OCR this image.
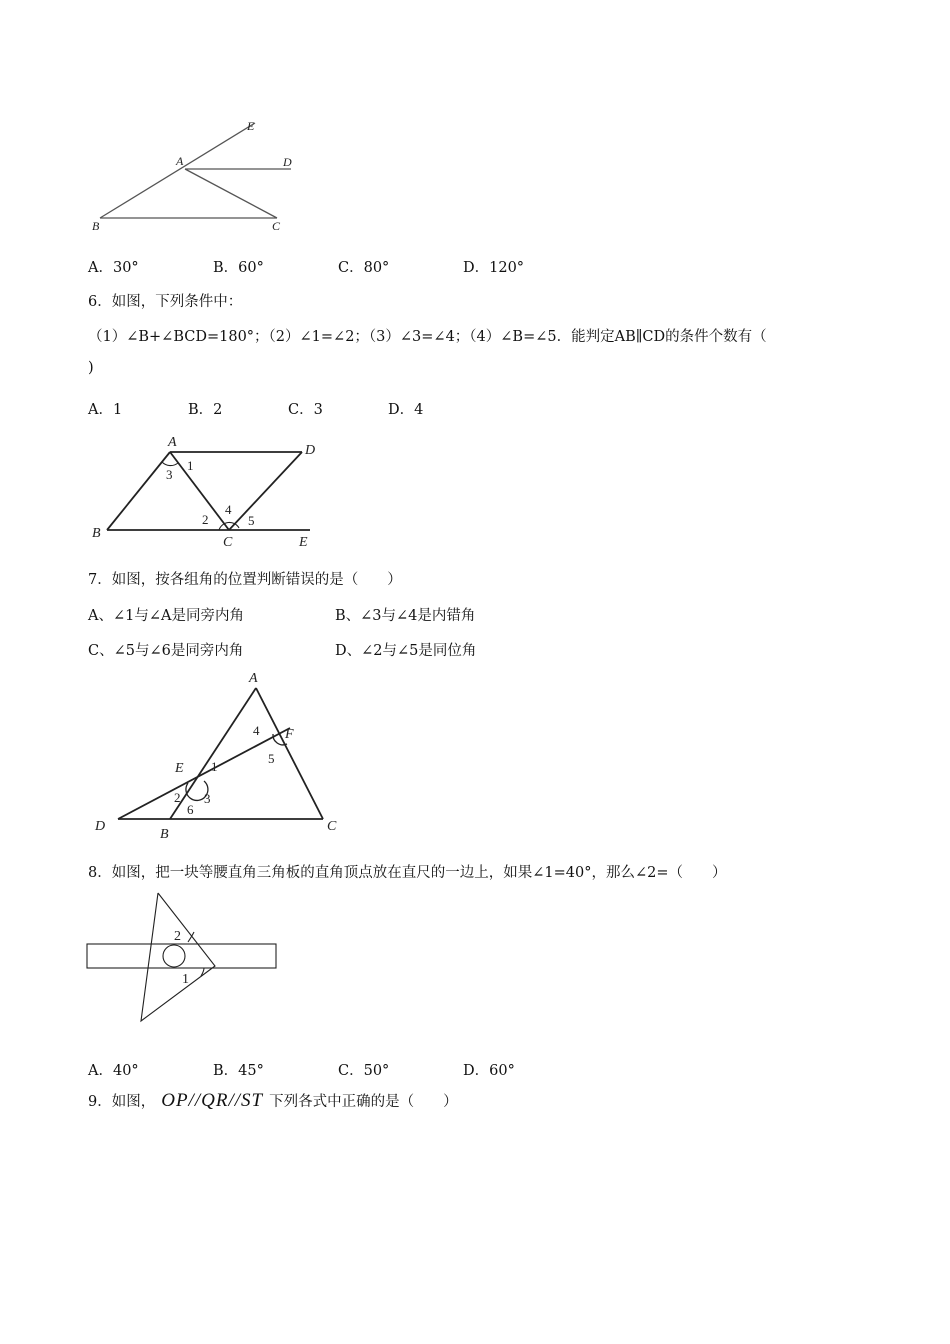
E
A	D
B	C
A．30°	B．60°	C．80°	D．120°
6．如图，下列条件中：
（1）∠B+∠BCD=180°；（2）∠1=∠2；（3）∠3=∠4；（4）∠B=∠5．能判定AB∥CD的条件个数有（
)
A．1	B．2	C．3	D．4
A
D
B
C	E
3
1
4
2	5
7．如图，按各组角的位置判断错误的是（　　）
A、∠1与∠A是同旁内角	B、∠3与∠4是内错角
C、∠5与∠6是同旁内角	D、∠2与∠5是同位角
A
F
E
D
B
C
4
5
1
2 3
6
8．如图，把一块等腰直角三角板的直角顶点放在直尺的一边上，如果∠1=40°，那么∠2=（　　）
2
1
A．40°	B．45°	C．50°	D．60°
9．如图， OP//QR//ST 下列各式中正确的是（　　）
